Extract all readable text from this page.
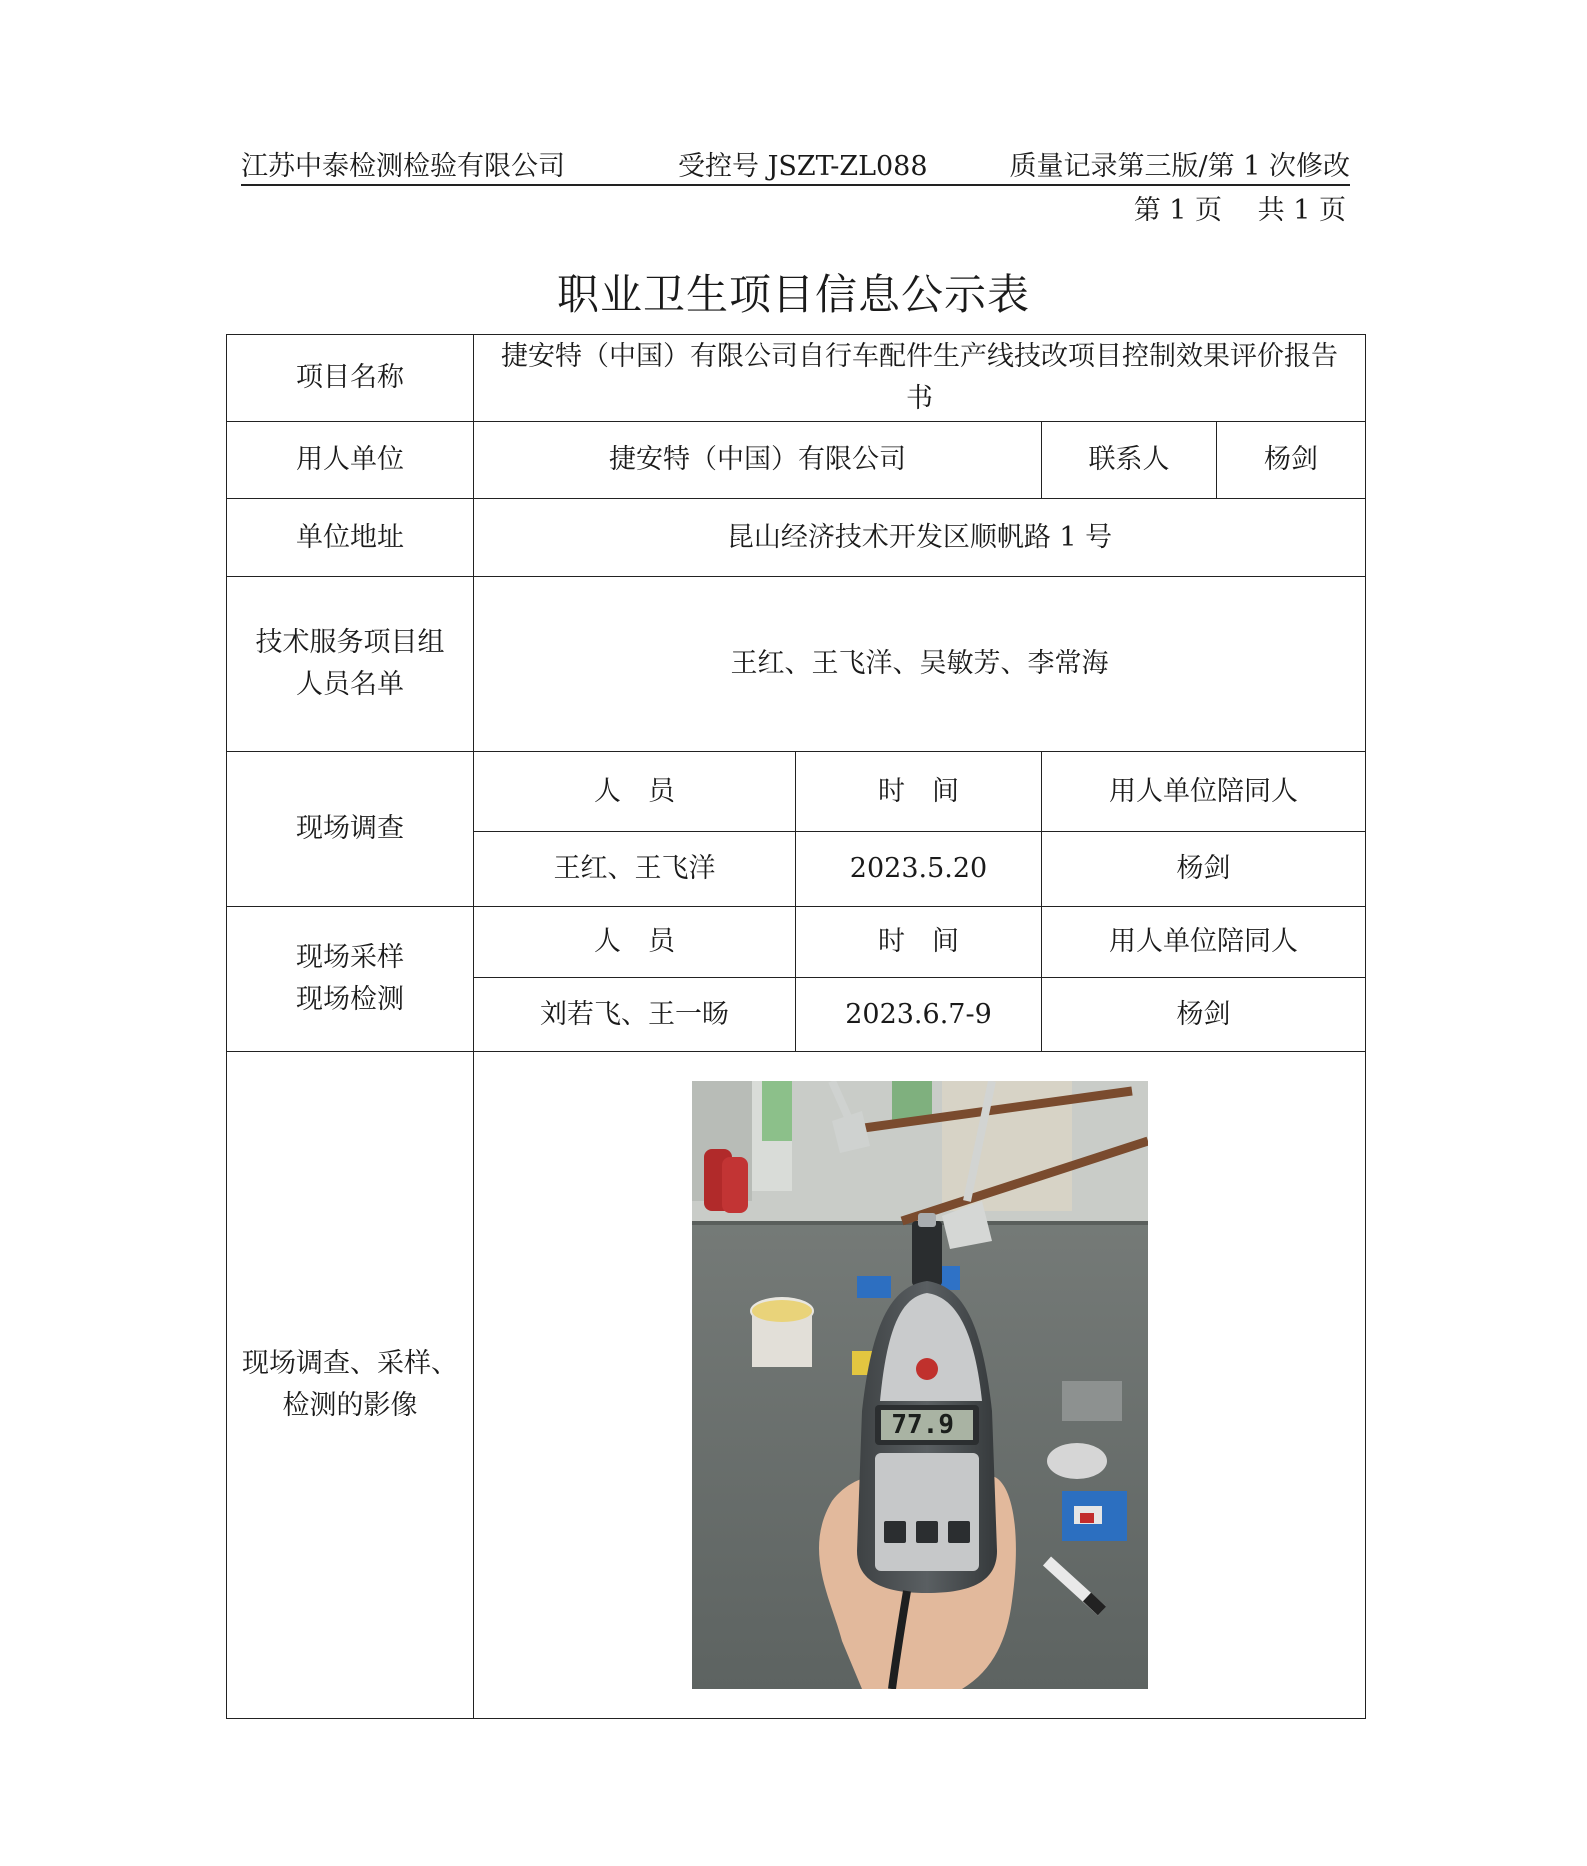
江苏中泰检测检验有限公司	受控号 JSZT-ZL088	质量记录第三版/第 1 次修改
第 1 页　 共 1 页
职业卫生项目信息公示表
项目名称	捷安特（中国）有限公司自行车配件生产线技改项目控制效果评价报告
书			

用人单位	捷安特（中国）有限公司		联系人	杨剑
单位地址	昆山经济技术开发区顺帆路 1 号			

技术服务项目组
人员名单	王红、王飞洋、吴敏芳、李常海			
现场调查	人　员	时　间	用人单位陪同人	
	王红、王飞洋	2023.5.20	杨剑	

现场采样
现场检测	人　员	时　间	用人单位陪同人	
	刘若飞、王一旸	2023.6.7-9	杨剑	

现场调查、采样、
检测的影像	77.9			
